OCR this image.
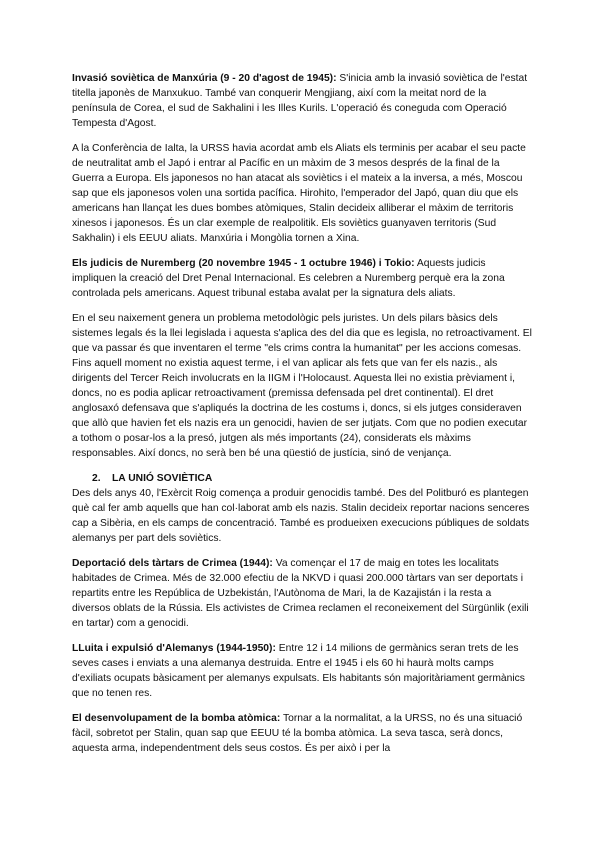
Invasió soviètica de Manxúria (9 - 20 d'agost de 1945): S'inicia amb la invasió soviètica de l'estat titella japonès de Manxukuo. També van conquerir Mengjiang, així com la meitat nord de la península de Corea, el sud de Sakhalini i les Illes Kurils. L'operació és coneguda com Operació Tempesta d'Agost.

A la Conferència de Ialta, la URSS havia acordat amb els Aliats els terminis per acabar el seu pacte de neutralitat amb el Japó i entrar al Pacífic en un màxim de 3 mesos després de la final de la Guerra a Europa. Els japonesos no han atacat als soviètics i el mateix a la inversa, a més, Moscou sap que els japonesos volen una sortida pacífica. Hirohito, l'emperador del Japó, quan diu que els americans han llançat les dues bombes atòmiques, Stalin decideix alliberar el màxim de territoris xinesos i japonesos. És un clar exemple de realpolitik. Els soviètics guanyaven territoris (Sud Sakhalin) i els EEUU aliats. Manxúria i Mongòlia tornen a Xina.

Els judicis de Nuremberg (20 novembre 1945 - 1 octubre 1946) i Tokio: Aquests judicis impliquen la creació del Dret Penal Internacional. Es celebren a Nuremberg perquè era la zona controlada pels americans. Aquest tribunal estaba avalat per la signatura dels aliats.

En el seu naixement genera un problema metodològic pels juristes. Un dels pilars bàsics dels sistemes legals és la llei legislada i aquesta s'aplica des del dia que es legisla, no retroactivament. El que va passar és que inventaren el terme "els crims contra la humanitat" per les accions comesas. Fins aquell moment no existia aquest terme, i el van aplicar als fets que van fer els nazis., als dirigents del Tercer Reich involucrats en la IIGM i l'Holocaust. Aquesta llei no existia prèviament i, doncs, no es podia aplicar retroactivament (premissa defensada pel dret continental). El dret anglosaxó defensava que s'apliqués la doctrina de les costums i, doncs, si els jutges consideraven que allò que havien fet els nazis era un genocidi, havien de ser jutjats. Com que no podien executar a tothom o posar-los a la presó, jutgen als més importants (24), considerats els màxims responsables. Així doncs, no serà ben bé una qüestió de justícia, sinó de venjança.

2. LA UNIÓ SOVIÈTICA

Des dels anys 40, l'Exèrcit Roig comença a produir genocidis també. Des del Politburó es plantegen què cal fer amb aquells que han col·laborat amb els nazis. Stalin decideix reportar nacions senceres cap a Sibèria, en els camps de concentració. També es produeixen execucions públiques de soldats alemanys per part dels soviètics.

Deportació dels tàrtars de Crimea (1944): Va començar el 17 de maig en totes les localitats habitades de Crimea. Més de 32.000 efectiu de la NKVD i quasi 200.000 tàrtars van ser deportats i repartits entre les República de Uzbekistán, l'Autònoma de Mari, la de Kazajistán i la resta a diversos oblats de la Rússia. Els activistes de Crimea reclamen el reconeixement del Sürgünlik (exili en tartar) com a genocidi.

LLuita i expulsió d'Alemanys (1944-1950): Entre 12 i 14 milions de germànics seran trets de les seves cases i enviats a una alemanya destruida. Entre el 1945 i els 60 hi haurà molts camps d'exiliats ocupats bàsicament per alemanys expulsats. Els habitants són majoritàriament germànics que no tenen res.

El desenvolupament de la bomba atòmica: Tornar a la normalitat, a la URSS, no és una situació fàcil, sobretot per Stalin, quan sap que EEUU té la bomba atòmica. La seva tasca, serà doncs, aquesta arma, independentment dels seus costos. És per això i per la
